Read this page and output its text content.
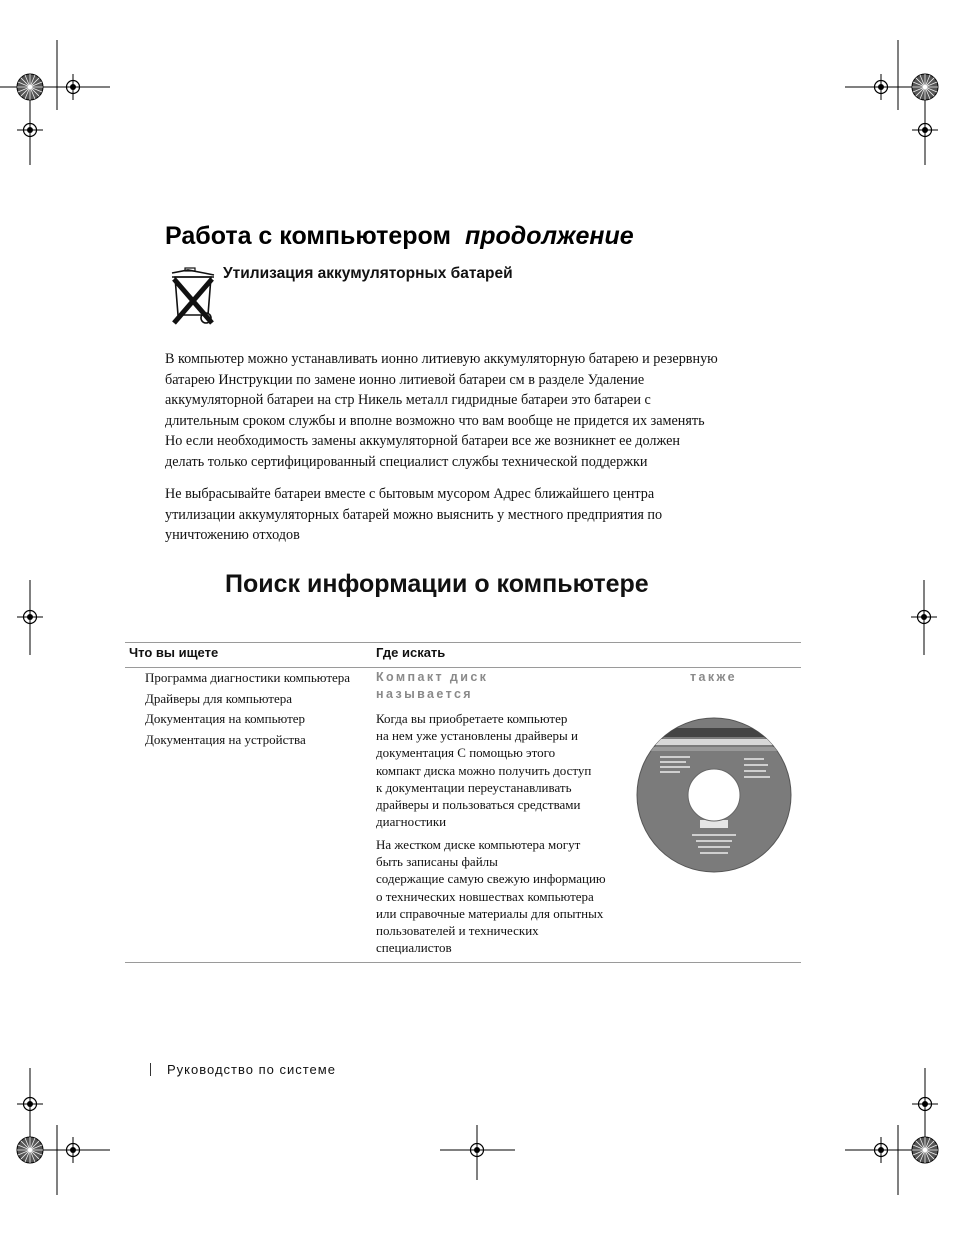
Работа с компьютером продолжение
Утилизация аккумуляторных батарей

В компьютер можно устанавливать ионно литиевую аккумуляторную батарею и резервную
батарею Инструкции по замене ионно литиевой батареи см в разделе Удаление
аккумуляторной батареи на стр Никель металл гидридные батареи это батареи с
длительным сроком службы и вполне возможно что вам вообще не придется их заменять
Но если необходимость замены аккумуляторной батареи все же возникнет ее должен
делать только сертифицированный специалист службы технической поддержки

Не выбрасывайте батареи вместе с бытовым мусором Адрес ближайшего центра
утилизации аккумуляторных батарей можно выяснить у местного предприятия по
уничтожению отходов

Поиск информации о компьютере

Что вы ищете	Где искать

Программа диагностики компьютера
Драйверы для компьютера
Документация на компьютер
Документация на устройства

Компакт диск	также

называется

Когда вы приобретаете компьютер
на нем уже установлены драйверы и
документация С помощью этого
компакт диска можно получить доступ
к документации переустанавливать
драйверы и пользоваться средствами
диагностики

На жестком диске компьютера могут
быть записаны файлы
содержащие самую свежую информацию
о технических новшествах компьютера
или справочные материалы для опытных
пользователей и технических
специалистов

Руководство по системе
